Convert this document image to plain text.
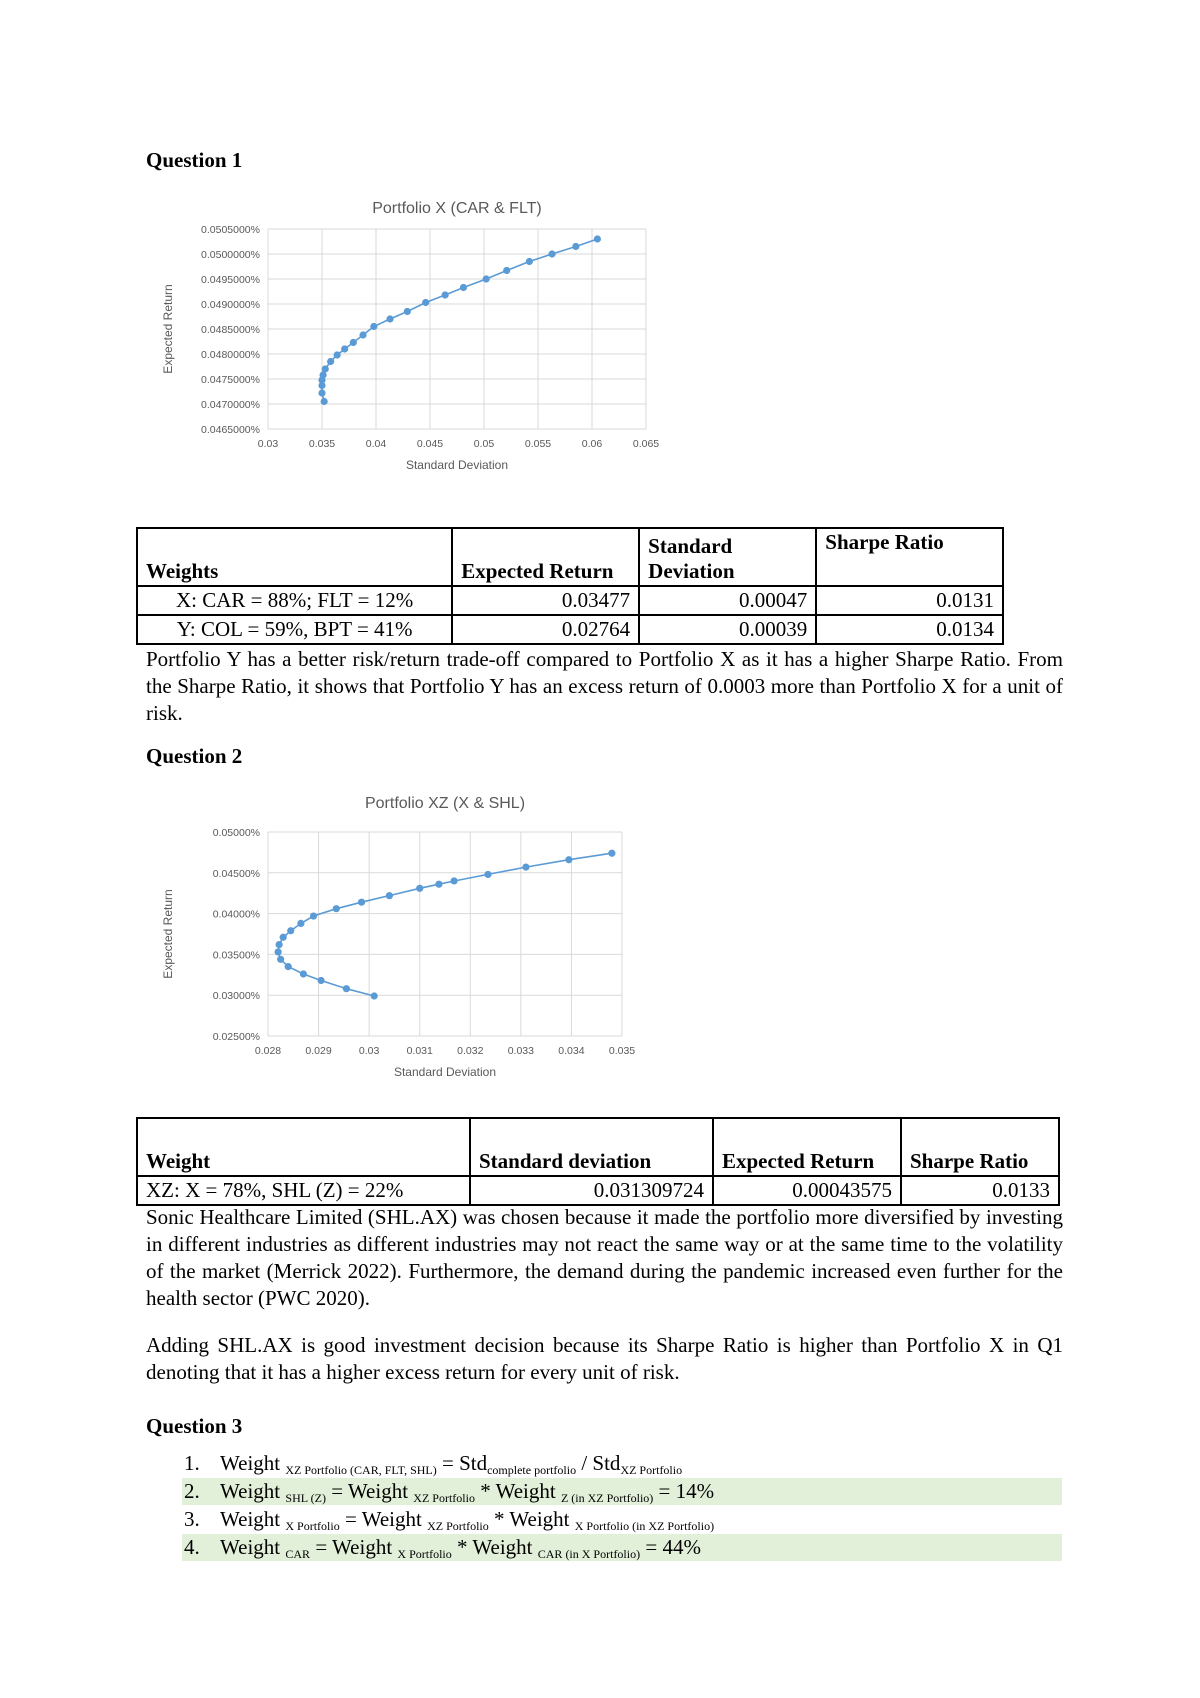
Question 1
Portfolio X (CAR & FLT)
0.03	0.035	0.04	0.045	0.05	0.055	0.06	0.065
0.0465000%
0.0470000%
0.0475000%
0.0480000%
0.0485000%
0.0490000%
0.0495000%
0.0500000%
0.0505000%
Standard Deviation
Expected Return
Weights	Expected Return	Standard Deviation	Sharpe Ratio
X: CAR = 88%; FLT = 12%	0.03477	0.00047	0.0131
Y: COL = 59%, BPT = 41%	0.02764	0.00039	0.0134
Portfolio Y has a better risk/return trade-off compared to Portfolio X as it has a higher Sharpe Ratio. From the Sharpe Ratio, it shows that Portfolio Y has an excess return of 0.0003 more than Portfolio X for a unit of risk.
Question 2
Portfolio XZ (X & SHL)
0.028 0.029	0.03	0.031 0.032 0.033 0.034 0.035
0.02500%
0.03000%
0.03500%
0.04000%
0.04500%
0.05000%
Standard Deviation
Expected Return
Weight	Standard deviation	Expected Return	Sharpe Ratio
XZ: X = 78%, SHL (Z) = 22%	0.031309724	0.00043575	0.0133
Sonic Healthcare Limited (SHL.AX) was chosen because it made the portfolio more diversified by investing in different industries as different industries may not react the same way or at the same time to the volatility of the market (Merrick 2022). Furthermore, the demand during the pandemic increased even further for the health sector (PWC 2020).
Adding SHL.AX is good investment decision because its Sharpe Ratio is higher than Portfolio X in Q1 denoting that it has a higher excess return for every unit of risk.
Question 3
1. Weight $_{XZ Portfolio (CAR, FLT, SHL)}$ = Std$_{complete portfolio}$ / Std$_{XZ Portfolio}$
2. Weight $_{SHL (Z)}$ = Weight $_{XZ Portfolio}$ * Weight $_{Z (in XZ Portfolio)}$ = 14%
3. Weight $_{X Portfolio}$ = Weight $_{XZ Portfolio}$ * Weight $_{X Portfolio (in XZ Portfolio)}$
4. Weight $_{CAR}$ = Weight $_{X Portfolio}$ * Weight $_{CAR (in X Portfolio)}$ = 44%
